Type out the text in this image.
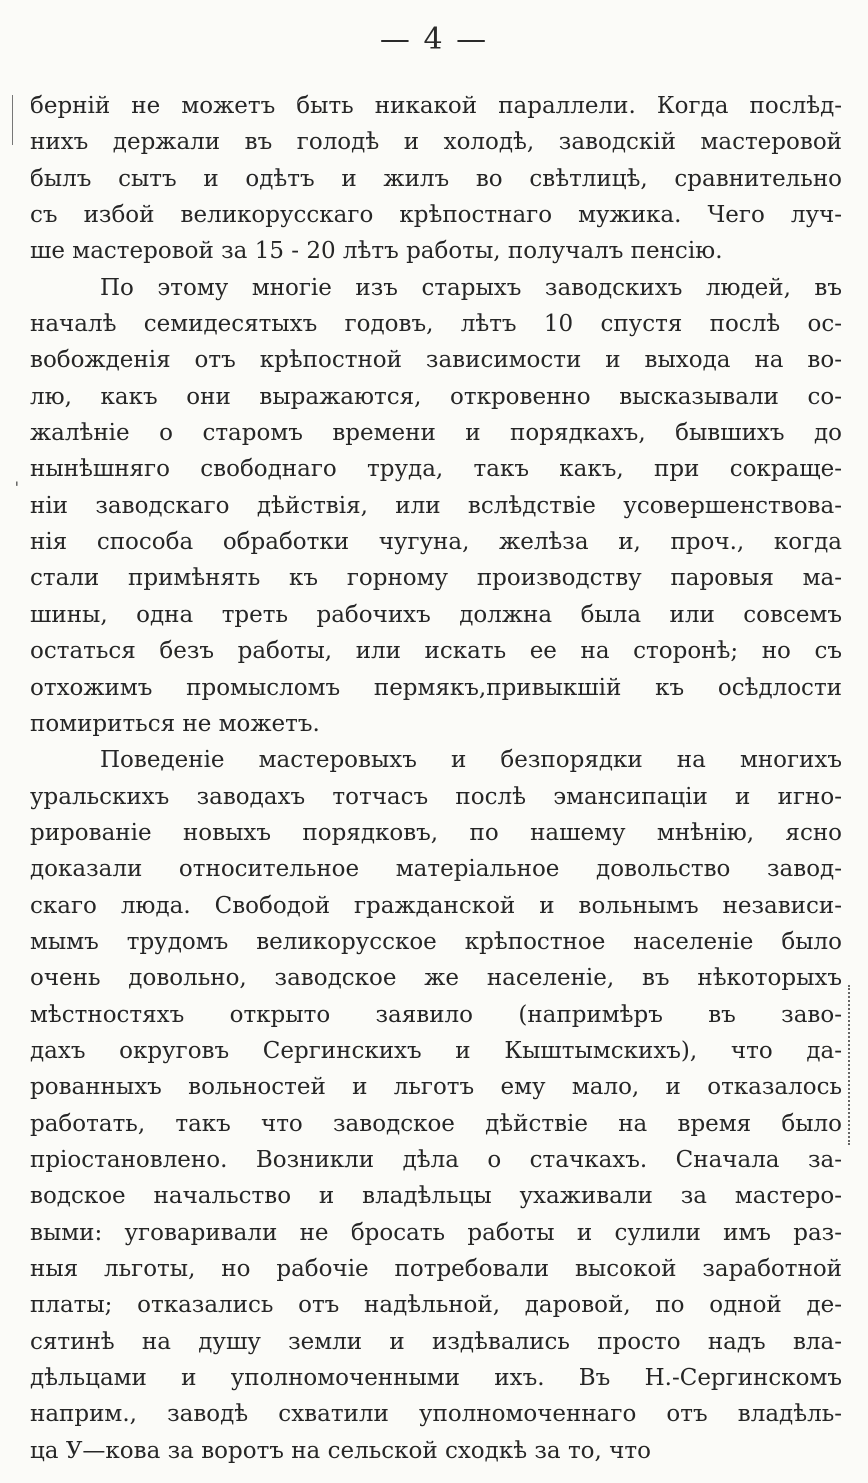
— 4 —
'
берній не можетъ быть никакой параллели. Когда послѣд-
нихъ держали въ голодѣ и холодѣ, заводскій мастеровой
былъ сытъ и одѣтъ и жилъ во свѣтлицѣ, сравнительно
съ избой великорусскаго крѣпостнаго мужика. Чего луч-
ше мастеровой за 15 - 20 лѣтъ работы, получалъ пенсію.
По этому многіе изъ старыхъ заводскихъ людей, въ
началѣ семидесятыхъ годовъ, лѣтъ 10 спустя послѣ ос-
вобожденія отъ крѣпостной зависимости и выхода на во-
лю, какъ они выражаются, откровенно высказывали со-
жалѣніе о старомъ времени и порядкахъ, бывшихъ до
нынѣшняго свободнаго труда, такъ какъ, при сокраще-
ніи заводскаго дѣйствія, или вслѣдствіе усовершенствова-
нія способа обработки чугуна, желѣза и, проч., когда
стали примѣнять къ горному производству паровыя ма-
шины, одна треть рабочихъ должна была или совсемъ
остаться безъ работы, или искать ее на сторонѣ; но съ
отхожимъ промысломъ пермякъ,привыкшій къ осѣдлости
помириться не можетъ.
Поведеніе мастеровыхъ и безпорядки на многихъ
уральскихъ заводахъ тотчасъ послѣ эмансипаціи и игно-
рированіе новыхъ порядковъ, по нашему мнѣнію, ясно
доказали относительное матеріальное довольство завод-
скаго люда. Свободой гражданской и вольнымъ независи-
мымъ трудомъ великорусское крѣпостное населеніе было
очень довольно, заводское же населеніе, въ нѣкоторыхъ
мѣстностяхъ открыто заявило (напримѣръ въ заво-
дахъ округовъ Сергинскихъ и Кыштымскихъ), что да-
рованныхъ вольностей и льготъ ему мало, и отказалось
работать, такъ что заводское дѣйствіе на время было
пріостановлено. Возникли дѣла о стачкахъ. Сначала за-
водское начальство и владѣльцы ухаживали за мастеро-
выми: уговаривали не бросать работы и сулили имъ раз-
ныя льготы, но рабочіе потребовали высокой заработной
платы; отказались отъ надѣльной, даровой, по одной де-
сятинѣ на душу земли и издѣвались просто надъ вла-
дѣльцами и уполномоченными ихъ. Въ Н.-Сергинскомъ
наприм., заводѣ схватили уполномоченнаго отъ владѣль-
ца У—кова за воротъ на сельской сходкѣ за то, что
